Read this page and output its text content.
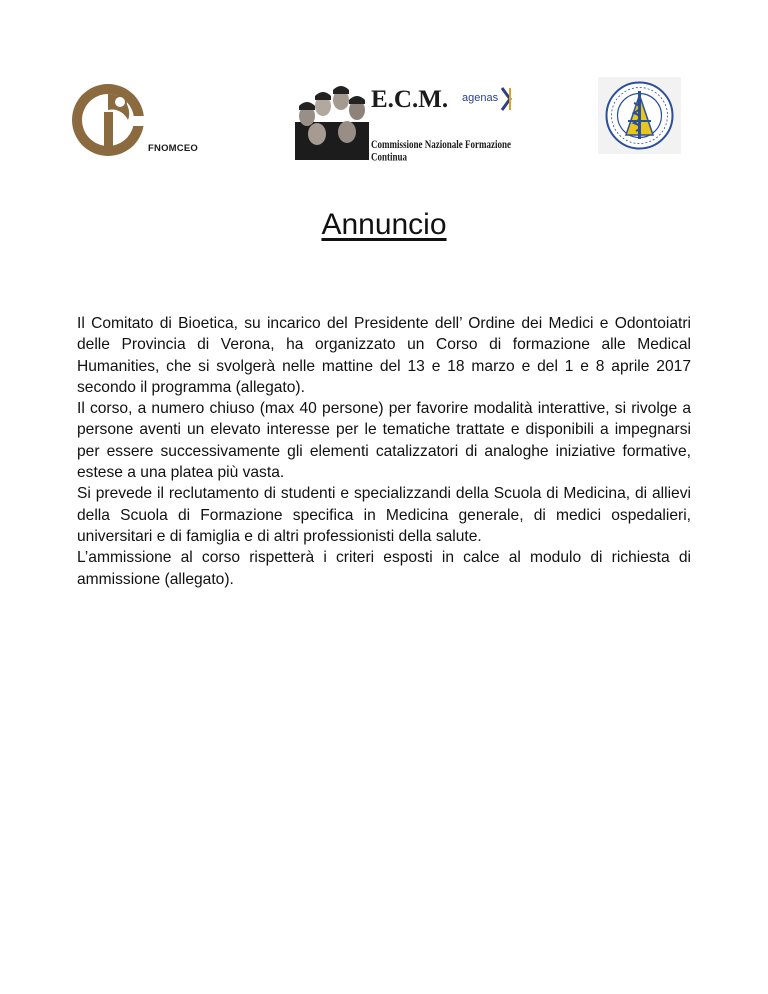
FNOMCEO
E.C.M. agenas
Commissione Nazionale Formazione Continua
Annuncio

Il Comitato di Bioetica, su incarico del Presidente dell’ Ordine dei Medici e Odontoiatri delle Provincia di Verona, ha organizzato un Corso di formazione alle Medical Humanities, che si svolgerà nelle mattine del 13 e 18 marzo e del 1 e 8 aprile 2017 secondo il programma (allegato).

Il corso, a numero chiuso (max 40 persone) per favorire modalità interattive, si rivolge a persone aventi un elevato interesse per le tematiche trattate e disponibili a impegnarsi per essere successivamente gli elementi catalizzatori di analoghe iniziative formative, estese a una platea più vasta.

Si prevede il reclutamento di studenti e specializzandi della Scuola di Medicina, di allievi della Scuola di Formazione specifica in Medicina generale, di medici ospedalieri, universitari e di famiglia e di altri professionisti della salute.

L’ammissione al corso rispetterà i criteri esposti in calce al modulo di richiesta di ammissione (allegato).
